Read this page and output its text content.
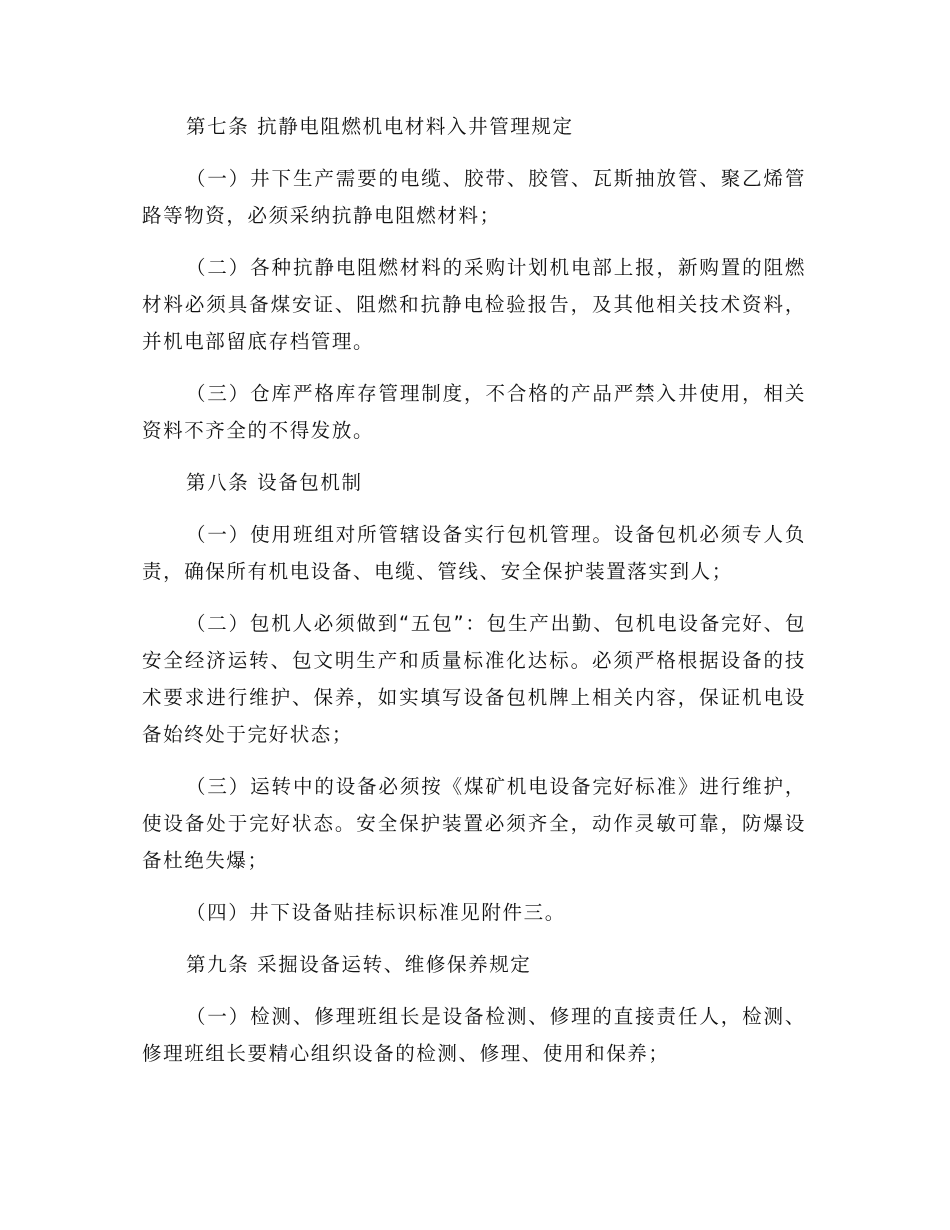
第七条 抗静电阻燃机电材料入井管理规定

（一）井下生产需要的电缆、胶带、胶管、瓦斯抽放管、聚乙烯管路等物资，必须采纳抗静电阻燃材料；

（二）各种抗静电阻燃材料的采购计划机电部上报，新购置的阻燃材料必须具备煤安证、阻燃和抗静电检验报告，及其他相关技术资料，并机电部留底存档管理。

（三）仓库严格库存管理制度，不合格的产品严禁入井使用，相关资料不齐全的不得发放。

第八条 设备包机制

（一）使用班组对所管辖设备实行包机管理。设备包机必须专人负责，确保所有机电设备、电缆、管线、安全保护装置落实到人；

（二）包机人必须做到“五包”：包生产出勤、包机电设备完好、包安全经济运转、包文明生产和质量标准化达标。必须严格根据设备的技术要求进行维护、保养，如实填写设备包机牌上相关内容，保证机电设备始终处于完好状态；

（三）运转中的设备必须按《煤矿机电设备完好标准》进行维护，使设备处于完好状态。安全保护装置必须齐全，动作灵敏可靠，防爆设备杜绝失爆；

（四）井下设备贴挂标识标准见附件三。

第九条 采掘设备运转、维修保养规定

（一）检测、修理班组长是设备检测、修理的直接责任人，检测、修理班组长要精心组织设备的检测、修理、使用和保养；
